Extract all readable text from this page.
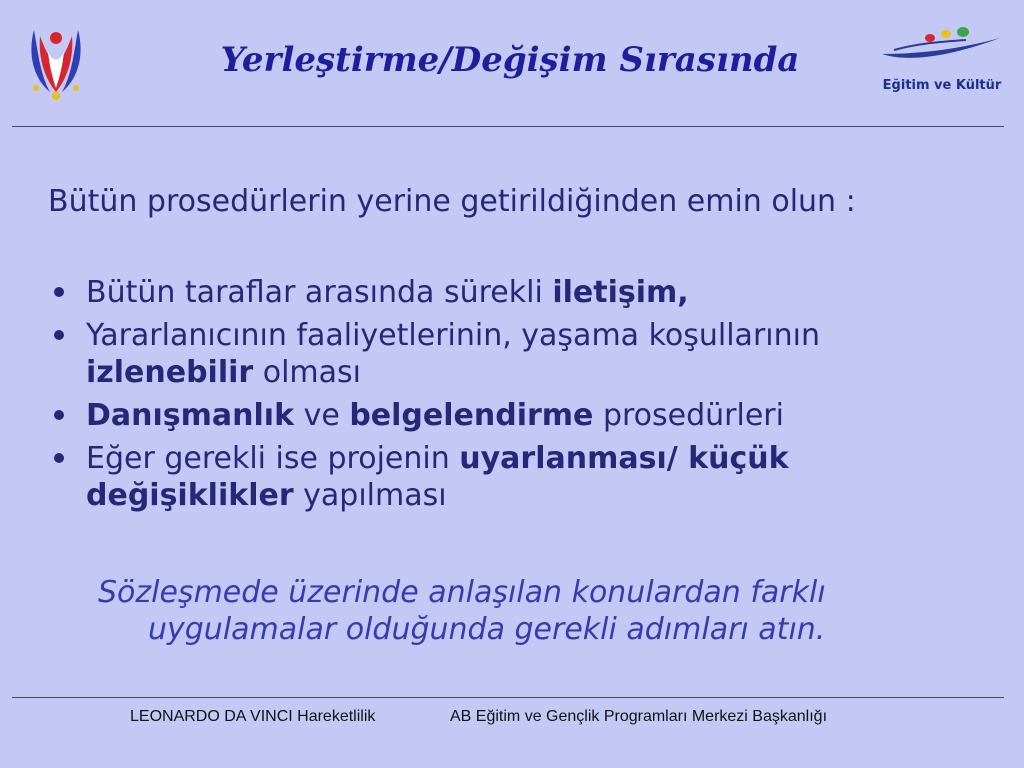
Yerleştirme/Değişim Sırasında
Eğitim ve Kültür

Bütün prosedürlerin yerine getirildiğinden emin olun :

Bütün taraflar arasında sürekli iletişim,
Yararlanıcının faaliyetlerinin, yaşama koşullarının izlenebilir olması
Danışmanlık ve belgelendirme prosedürleri
Eğer gerekli ise projenin uyarlanması/ küçük değişiklikler yapılması

Sözleşmede üzerinde anlaşılan konulardan farklı uygulamalar olduğunda gerekli adımları atın.

LEONARDO DA VINCI Hareketlilik	AB Eğitim ve Gençlik Programları Merkezi Başkanlığı
